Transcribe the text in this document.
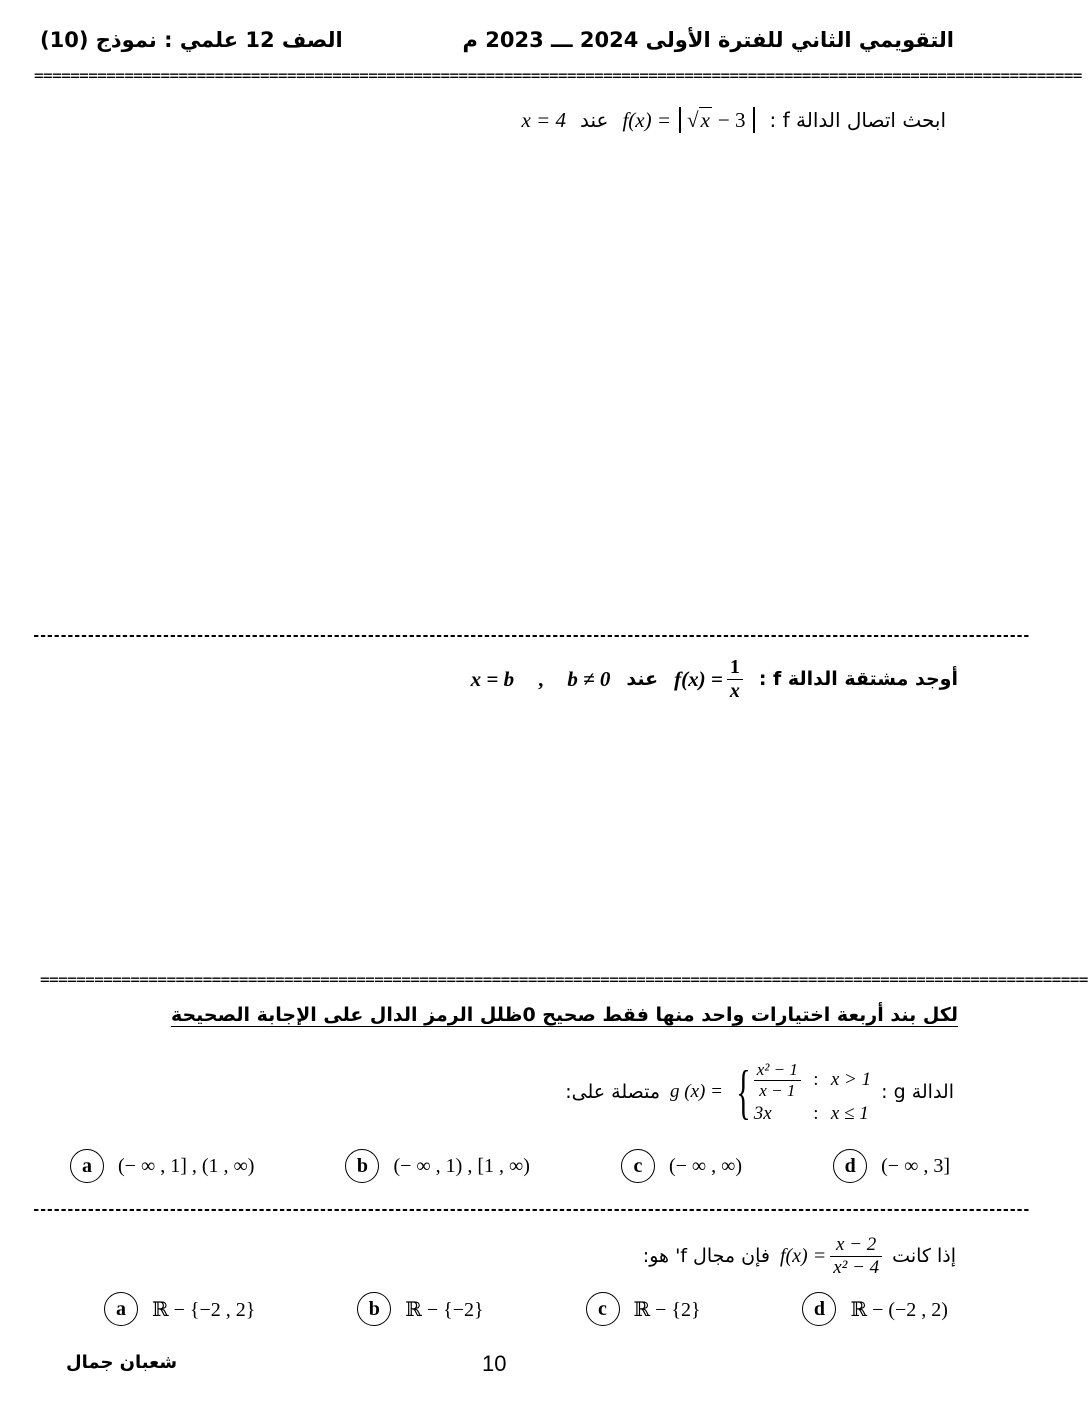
التقويمي الثاني للفترة الأولى 2024 ـــ 2023 م
الصف 12 علمي : نموذج (10)
====================================================================================================================
ابحث اتصال الدالة f :
f(x) = √ x − 3
عند
x = 4
--------------------------------------------------------------------------------------------------------------------------------------------------
أوجد مشتقة الدالة f :
$f(x) = \frac{1}{x}$
عند
b ≠ 0
,
x = b
====================================================================================================================
لكل بند أربعة اختيارات واحد منها فقط صحيح 0ظلل الرمز الدال على الإجابة الصحيحة
الدالة g :
g (x) = { $\frac{\text{x² − 1}}{x - 1}$ : x > 1
3x	: x ≤ 1
متصلة على:
a	(− ∞ , 1] , (1 , ∞)	b	(− ∞ , 1) , [1 , ∞)	c	(− ∞ , ∞)	d	(− ∞ , 3]
--------------------------------------------------------------------------------------------------------------------------------------------------
إذا كانت
$f(x) = \frac{x - 2}{\text{x² − 4}}$
فإن مجال f' هو:
a	ℝ − {−2 , 2}	b	ℝ − {−2}	c	ℝ − {2}	d	ℝ − (−2 , 2)
شعبان جمال	10
